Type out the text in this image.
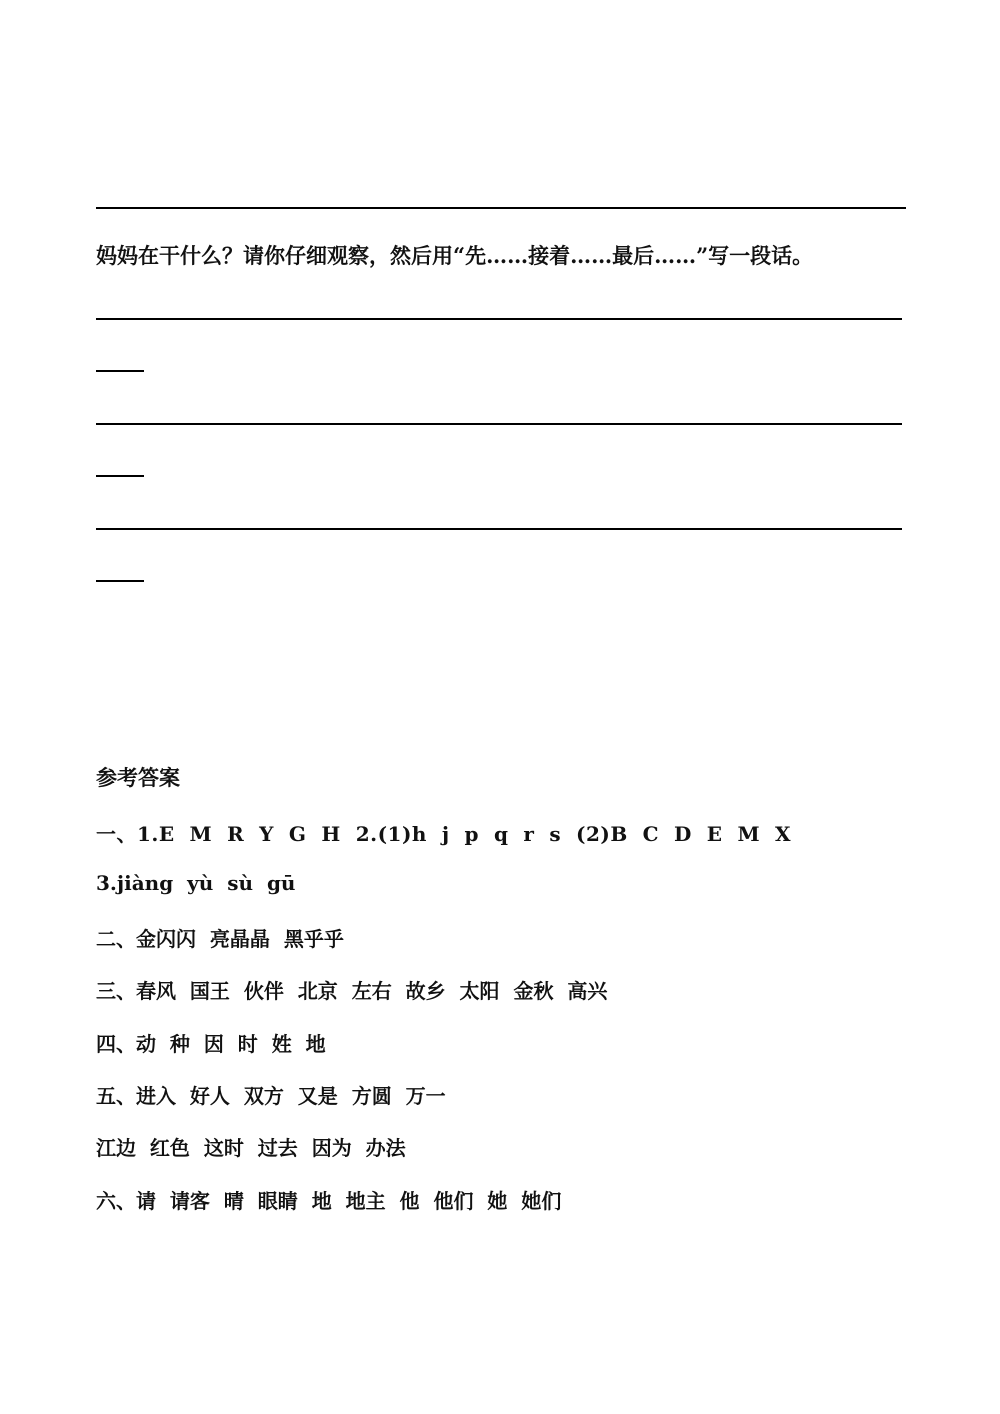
妈妈在干什么？请你仔细观察，然后用“先……接着……最后……”写一段话。
参考答案
一、1.E  M  R  Y  G  H  2.(1)h  j  p  q  r  s  (2)B  C  D  E  M  X
3.jiàng  yù  sù  gū
二、金闪闪  亮晶晶  黑乎乎
三、春风  国王  伙伴  北京  左右  故乡  太阳  金秋  高兴
四、动  种  因  时  姓  地
五、进入  好人  双方  又是  方圆  万一
江边  红色  这时  过去  因为  办法
六、请  请客  晴  眼睛  地  地主  他  他们  她  她们
